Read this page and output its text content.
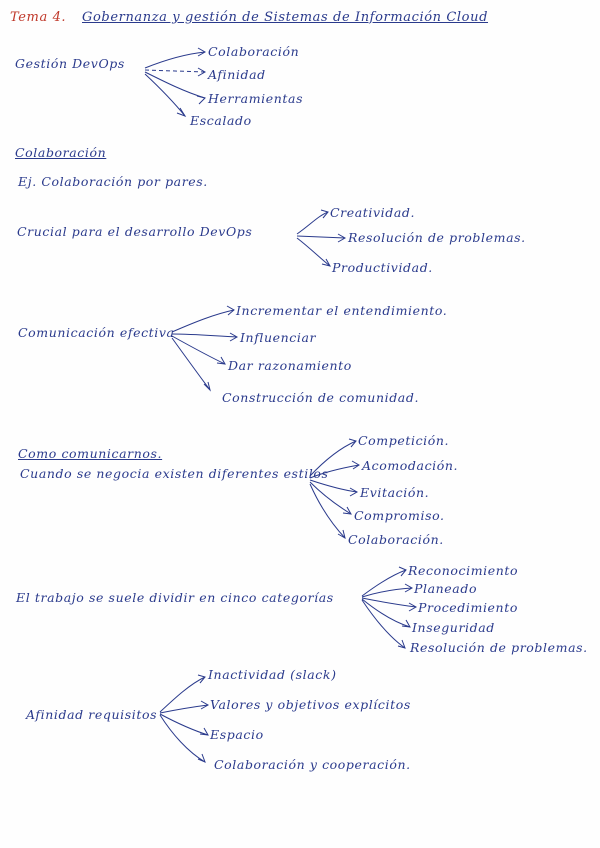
Tema 4. Gobernanza y gestión de Sistemas de Información Cloud
Gestión DevOps
Colaboración
Afinidad
Herramientas
Escalado
Colaboración
Ej. Colaboración por pares.
Crucial para el desarrollo DevOps
Creatividad.
Resolución de problemas.
Productividad.
Comunicación efectiva
Incrementar el entendimiento.
Influenciar
Dar razonamiento
Construcción de comunidad.
Como comunicarnos.
Cuando se negocia existen diferentes estilos
Competición.
Acomodación.
Evitación.
Compromiso.
Colaboración.
El trabajo se suele dividir en cinco categorías
Reconocimiento
Planeado
Procedimiento
Inseguridad
Resolución de problemas.
Afinidad requisitos
Inactividad (slack)
Valores y objetivos explícitos
Espacio
Colaboración y cooperación.
